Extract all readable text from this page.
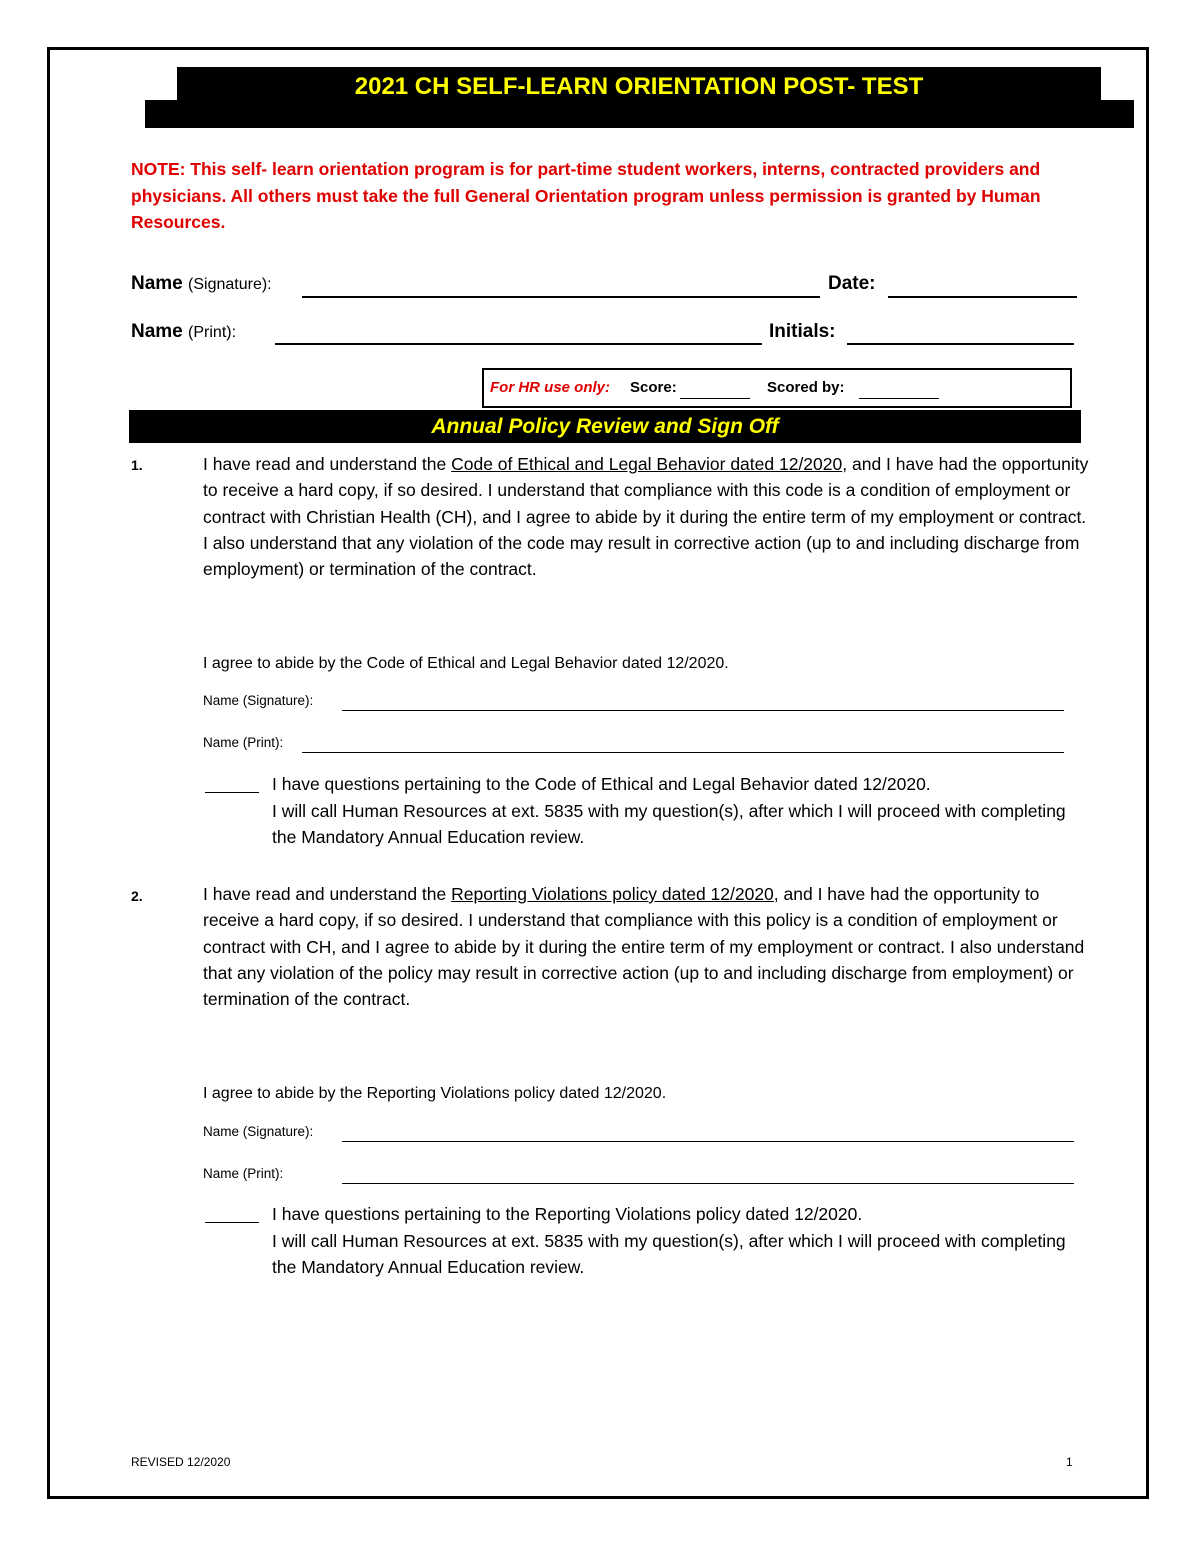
2021 CH SELF-LEARN ORIENTATION POST- TEST
NOTE: This self- learn orientation program is for part-time student workers, interns, contracted providers and physicians. All others must take the full General Orientation program unless permission is granted by Human Resources.
Name (Signature):	Date:
Name (Print):	Initials:
For HR use only: Score:	Scored by:
Annual Policy Review and Sign Off
1.	I have read and understand the Code of Ethical and Legal Behavior dated 12/2020, and I have had the opportunity to receive a hard copy, if so desired. I understand that compliance with this code is a condition of employment or contract with Christian Health (CH), and I agree to abide by it during the entire term of my employment or contract. I also understand that any violation of the code may result in corrective action (up to and including discharge from employment) or termination of the contract.
I agree to abide by the Code of Ethical and Legal Behavior dated 12/2020.
Name (Signature):
Name (Print):
I have questions pertaining to the Code of Ethical and Legal Behavior dated 12/2020.
I will call Human Resources at ext. 5835 with my question(s), after which I will proceed with completing the Mandatory Annual Education review.
2.	I have read and understand the Reporting Violations policy dated 12/2020, and I have had the opportunity to receive a hard copy, if so desired. I understand that compliance with this policy is a condition of employment or contract with CH, and I agree to abide by it during the entire term of my employment or contract. I also understand that any violation of the policy may result in corrective action (up to and including discharge from employment) or termination of the contract.
I agree to abide by the Reporting Violations policy dated 12/2020.
Name (Signature):
Name (Print):
I have questions pertaining to the Reporting Violations policy dated 12/2020.
I will call Human Resources at ext. 5835 with my question(s), after which I will proceed with completing the Mandatory Annual Education review.
REVISED 12/2020	1
